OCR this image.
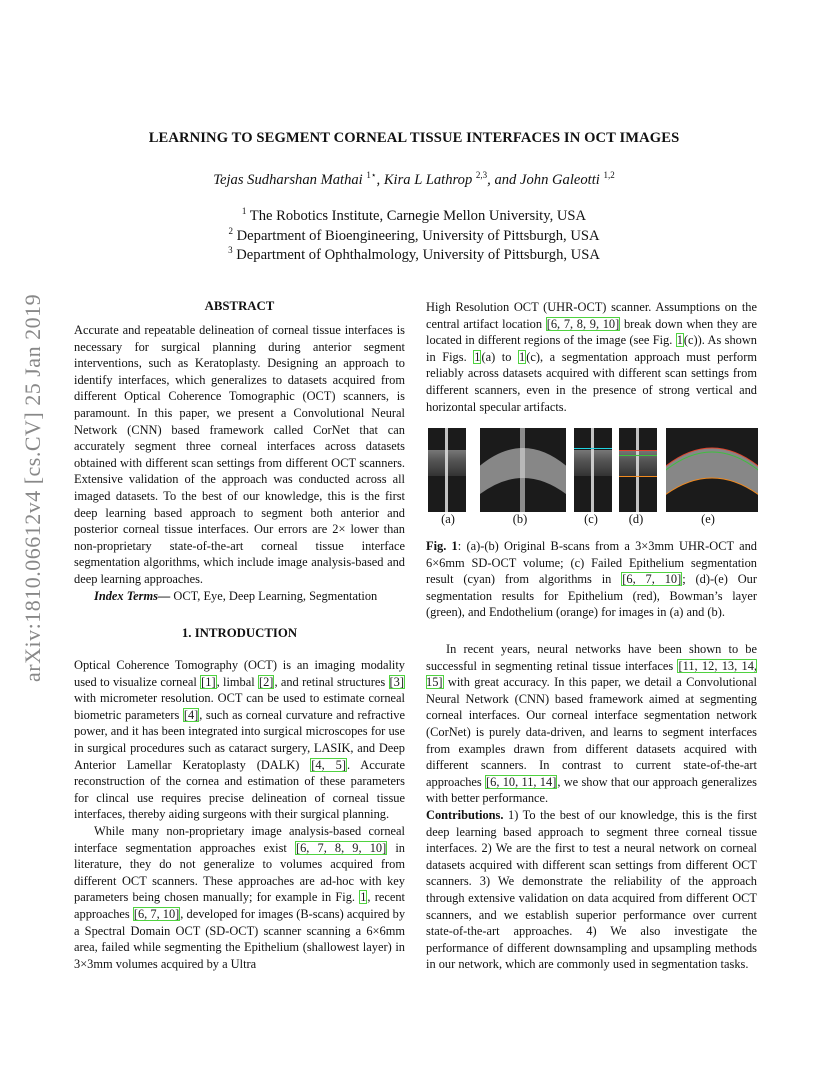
arXiv:1810.06612v4 [cs.CV] 25 Jan 2019
LEARNING TO SEGMENT CORNEAL TISSUE INTERFACES IN OCT IMAGES
Tejas Sudharshan Mathai $^{1⋆}$, Kira L Lathrop $^{2,3}$, and John Galeotti $^{1,2}$
$^1$ The Robotics Institute, Carnegie Mellon University, USA
$^2$ Department of Bioengineering, University of Pittsburgh, USA
$^3$ Department of Ophthalmology, University of Pittsburgh, USA
ABSTRACT

Accurate and repeatable delineation of corneal tissue interfaces is necessary for surgical planning during anterior segment interventions, such as Keratoplasty. Designing an approach to identify interfaces, which generalizes to datasets acquired from different Optical Coherence Tomographic (OCT) scanners, is paramount. In this paper, we present a Convolutional Neural Network (CNN) based framework called CorNet that can accurately segment three corneal interfaces across datasets obtained with different scan settings from different OCT scanners. Extensive validation of the approach was conducted across all imaged datasets. To the best of our knowledge, this is the first deep learning based approach to segment both anterior and posterior corneal tissue interfaces. Our errors are 2× lower than non-proprietary state-of-the-art corneal tissue interface segmentation algorithms, which include image analysis-based and deep learning approaches.

Index Terms— OCT, Eye, Deep Learning, Segmentation

1. INTRODUCTION

Optical Coherence Tomography (OCT) is an imaging modality used to visualize corneal [1], limbal [2], and retinal structures [3] with micrometer resolution. OCT can be used to estimate corneal biometric parameters [4], such as corneal curvature and refractive power, and it has been integrated into surgical microscopes for use in surgical procedures such as cataract surgery, LASIK, and Deep Anterior Lamellar Keratoplasty (DALK) [4, 5]. Accurate reconstruction of the cornea and estimation of these parameters for clincal use requires precise delineation of corneal tissue interfaces, thereby aiding surgeons with their surgical planning.

While many non-proprietary image analysis-based corneal interface segmentation approaches exist [6, 7, 8, 9, 10] in literature, they do not generalize to volumes acquired from different OCT scanners. These approaches are ad-hoc with key parameters being chosen manually; for example in Fig. 1, recent approaches [6, 7, 10], developed for images (B-scans) acquired by a Spectral Domain OCT (SD-OCT) scanner scanning a 6×6mm area, failed while segmenting the Epithelium (shallowest layer) in 3×3mm volumes acquired by a Ultra

High Resolution OCT (UHR-OCT) scanner. Assumptions on the central artifact location [6, 7, 8, 9, 10] break down when they are located in different regions of the image (see Fig. 1(c)). As shown in Figs. 1(a) to 1(c), a segmentation approach must perform reliably across datasets acquired with different scan settings from different scanners, even in the presence of strong vertical and horizontal specular artifacts.

(a)	(b)	(c)	(d)	(e)

Fig. 1: (a)-(b) Original B-scans from a 3×3mm UHR-OCT and 6×6mm SD-OCT volume; (c) Failed Epithelium segmentation result (cyan) from algorithms in [6, 7, 10]; (d)-(e) Our segmentation results for Epithelium (red), Bowman’s layer (green), and Endothelium (orange) for images in (a) and (b).

In recent years, neural networks have been shown to be successful in segmenting retinal tissue interfaces [11, 12, 13, 14, 15] with great accuracy. In this paper, we detail a Convolutional Neural Network (CNN) based framework aimed at segmenting corneal interfaces. Our corneal interface segmentation network (CorNet) is purely data-driven, and learns to segment interfaces from examples drawn from different datasets acquired with different scanners. In contrast to current state-of-the-art approaches [6, 10, 11, 14], we show that our approach generalizes with better performance.

Contributions. 1) To the best of our knowledge, this is the first deep learning based approach to segment three corneal tissue interfaces. 2) We are the first to test a neural network on corneal datasets acquired with different scan settings from different OCT scanners. 3) We demonstrate the reliability of the approach through extensive validation on data acquired from different OCT scanners, and we establish superior performance over current state-of-the-art approaches. 4) We also investigate the performance of different downsampling and upsampling methods in our network, which are commonly used in segmentation tasks.
